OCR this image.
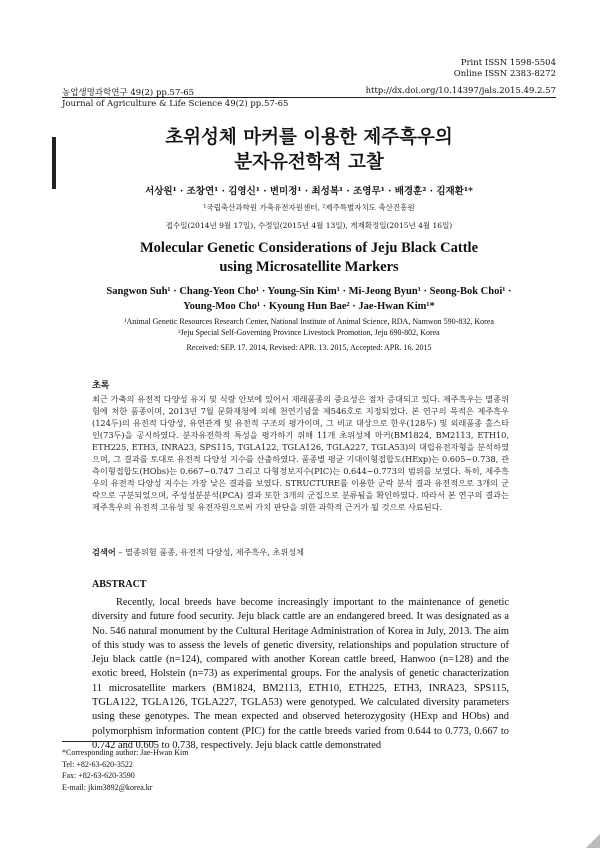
Print ISSN 1598-5504
Online ISSN 2383-8272
농업생명과학연구 49(2) pp.57-65	http://dx.doi.org/10.14397/jals.2015.49.2.57
Journal of Agriculture & Life Science 49(2) pp.57-65
초위성체 마커를 이용한 제주흑우의
분자유전학적 고찰
서상원¹ · 조창연¹ · 김영신¹ · 변미정¹ · 최성복¹ · 조영무¹ · 배경훈² · 김재환¹*
¹국립축산과학원 가축유전자원센터, ²제주특별자치도 축산진흥원
접수일(2014년 9월 17일), 수정일(2015년 4월 13일), 게재확정일(2015년 4월 16일)
Molecular Genetic Considerations of Jeju Black Cattle
using Microsatellite Markers
Sangwon Suh¹ · Chang-Yeon Cho¹ · Young-Sin Kim¹ · Mi-Jeong Byun¹ · Seong-Bok Choi¹ ·
Young-Moo Cho¹ · Kyoung Hun Bae² · Jae-Hwan Kim¹*
¹Animal Genetic Resources Research Center, National Institute of Animal Science, RDA, Namwon 590-832, Korea
²Jeju Special Self-Governing Province Livestock Promotion, Jeju 690-802, Korea
Received: SEP. 17. 2014, Revised: APR. 13. 2015, Accepted: APR. 16. 2015
초록
최근 가축의 유전적 다양성 유지 및 식량 안보에 있어서 재래품종의 중요성은 점차 증대되고 있다. 제주흑우는 멸종위험에 처한 품종이며, 2013년 7월 문화재청에 의해 천연기념물 제546호로 지정되었다. 본 연구의 목적은 제주흑우(124두)의 유전적 다양성, 유연관계 및 유전적 구조의 평가이며, 그 비교 대상으로 한우(128두) 및 외래품종 홀스타인(73두)을 공시하였다. 분자유전학적 특성을 평가하기 위해 11개 초위성체 마커(BM1824, BM2113, ETH10, ETH225, ETH3, INRA23, SPS115, TGLA122, TGLA126, TGLA227, TGLA53)의 대립유전자형을 분석하였으며, 그 결과를 토대로 유전적 다양성 지수를 산출하였다. 품종별 평균 기대이형접합도(HExp)는 0.605~0.738, 관측이형접합도(HObs)는 0.667~0.747 그리고 다형정보지수(PIC)는 0.644~0.773의 범위를 보였다. 특히, 제주흑우의 유전적 다양성 지수는 가장 낮은 결과를 보였다. STRUCTURE를 이용한 군락 분석 결과 유전적으로 3개의 군락으로 구분되었으며, 주성성분분석(PCA) 결과 또한 3개의 군집으로 분류됨을 확인하였다. 따라서 본 연구의 결과는 제주흑우의 유전적 고유성 및 유전자원으로써 가치 판단을 위한 과학적 근거가 될 것으로 사료된다.
검색어 – 멸종위험 품종, 유전적 다양성, 제주흑우, 초위성체
ABSTRACT
Recently, local breeds have become increasingly important to the maintenance of genetic diversity and future food security. Jeju black cattle are an endangered breed. It was designated as a No. 546 natural monument by the Cultural Heritage Administration of Korea in July, 2013. The aim of this study was to assess the levels of genetic diversity, relationships and population structure of Jeju black cattle (n=124), compared with another Korean cattle breed, Hanwoo (n=128) and the exotic breed, Holstein (n=73) as experimental groups. For the analysis of genetic characterization 11 microsatellite markers (BM1824, BM2113, ETH10, ETH225, ETH3, INRA23, SPS115, TGLA122, TGLA126, TGLA227, TGLA53) were genotyped. We calculated diversity parameters using these genotypes. The mean expected and observed heterozygosity (HExp and HObs) and polymorphism information content (PIC) for the cattle breeds varied from 0.644 to 0.773, 0.667 to 0.742 and 0.605 to 0.738, respectively. Jeju black cattle demonstrated
*Corresponding author: Jae-Hwan Kim
Tel: +82-63-620-3522
Fax: +82-63-620-3590
E-mail: jkim3892@korea.kr
